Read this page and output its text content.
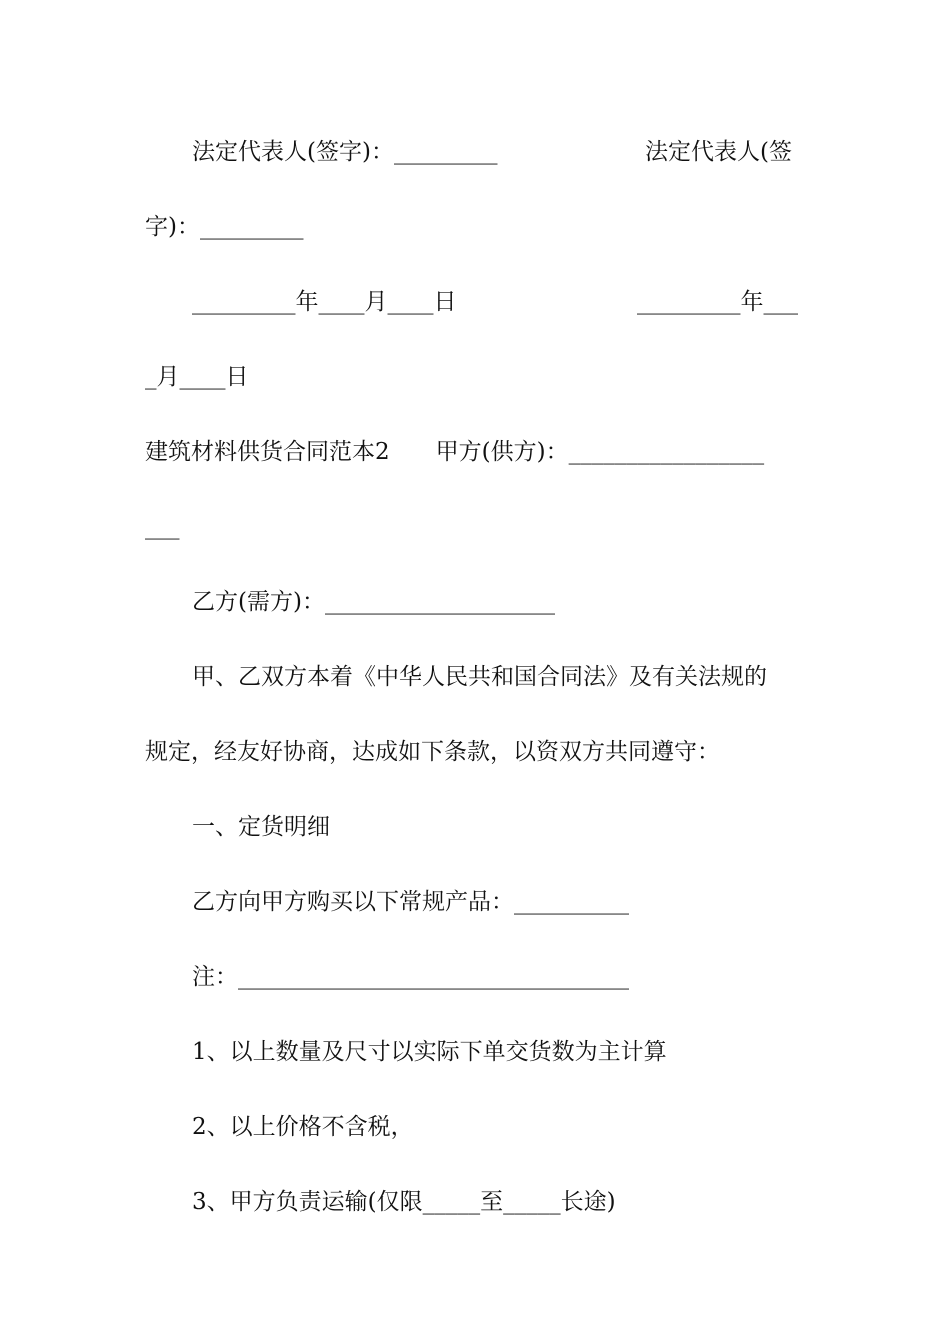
法定代表人(签字)：_________	法定代表人(签
字)：_________
_________年____月____日	_________年___
_月____日
建筑材料供货合同范本2　　甲方(供方)：_________________
___
乙方(需方)：____________________
甲、乙双方本着《中华人民共和国合同法》及有关法规的
规定，经友好协商，达成如下条款，以资双方共同遵守：
一、定货明细
乙方向甲方购买以下常规产品：__________
注：__________________________________
1、以上数量及尺寸以实际下单交货数为主计算
2、以上价格不含税，
3、甲方负责运输(仅限_____至_____长途)
